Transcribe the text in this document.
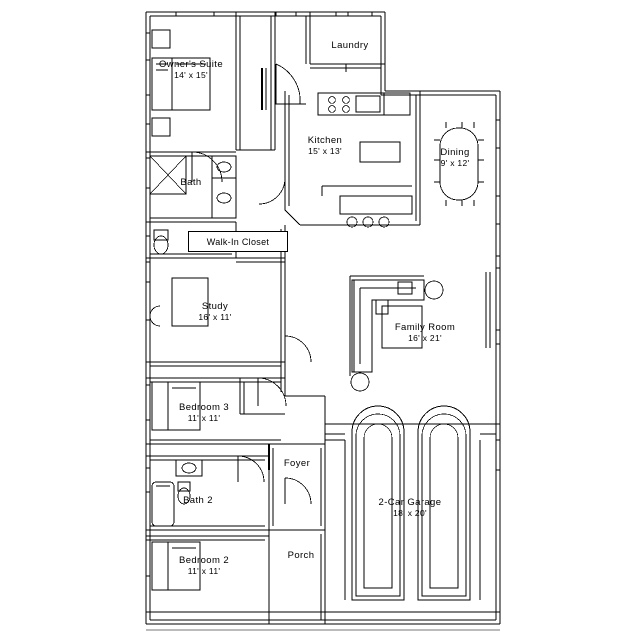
Owner's Suite
14' x 15'
Laundry
Kitchen
15' x 13'	Dining
9' x 12'
Bath
Walk-In Closet
Study
16' x 11'
Family Room
16' x 21'
Bedroom 3
11' x 11'
Foyer
Bath 2	2-Car Garage
18' x 20'
Bedroom 2
11' x 11'
Porch
